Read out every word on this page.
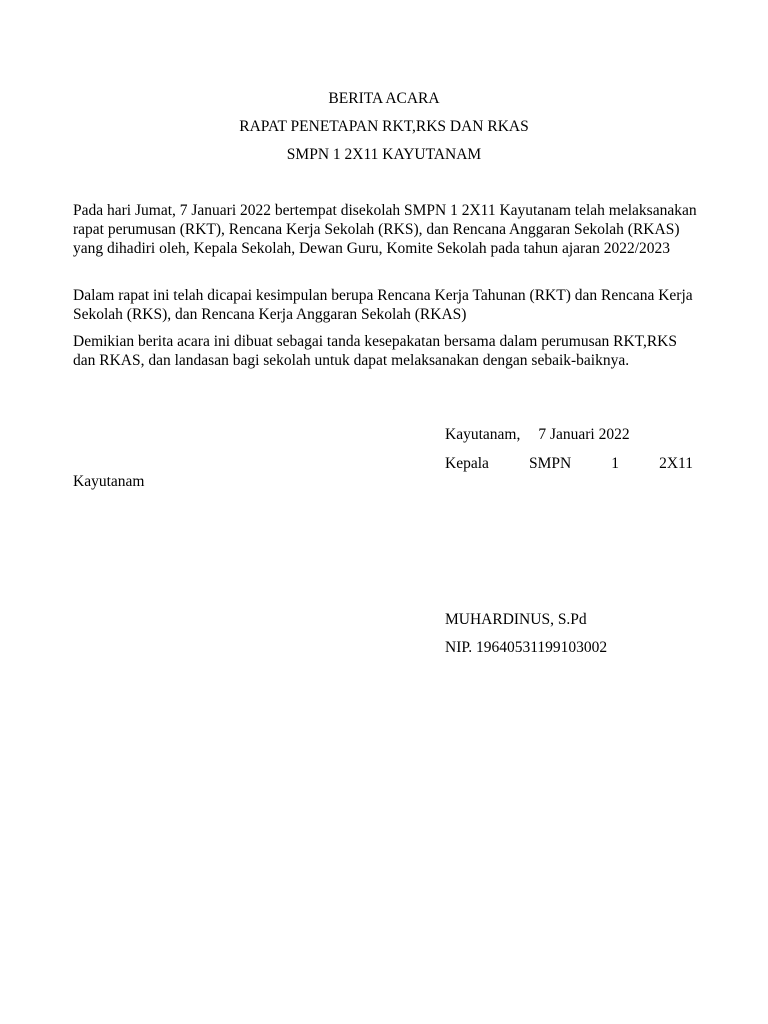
BERITA ACARA
RAPAT PENETAPAN RKT,RKS DAN RKAS
SMPN 1 2X11 KAYUTANAM

Pada hari Jumat, 7 Januari 2022 bertempat disekolah SMPN 1 2X11 Kayutanam telah melaksanakan rapat perumusan (RKT), Rencana Kerja Sekolah (RKS), dan Rencana Anggaran Sekolah (RKAS) yang dihadiri oleh, Kepala Sekolah, Dewan Guru, Komite Sekolah pada tahun ajaran 2022/2023

Dalam rapat ini telah dicapai kesimpulan berupa Rencana Kerja Tahunan (RKT) dan Rencana Kerja Sekolah (RKS), dan Rencana Kerja Anggaran Sekolah (RKAS)

Demikian berita acara ini dibuat sebagai tanda kesepakatan bersama dalam perumusan RKT,RKS dan RKAS, dan landasan bagi sekolah untuk dapat melaksanakan dengan sebaik-baiknya.

Kayutanam, 7 Januari 2022
Kepala	SMPN	1	2X11
Kayutanam
MUHARDINUS, S.Pd
NIP. 19640531199103002
